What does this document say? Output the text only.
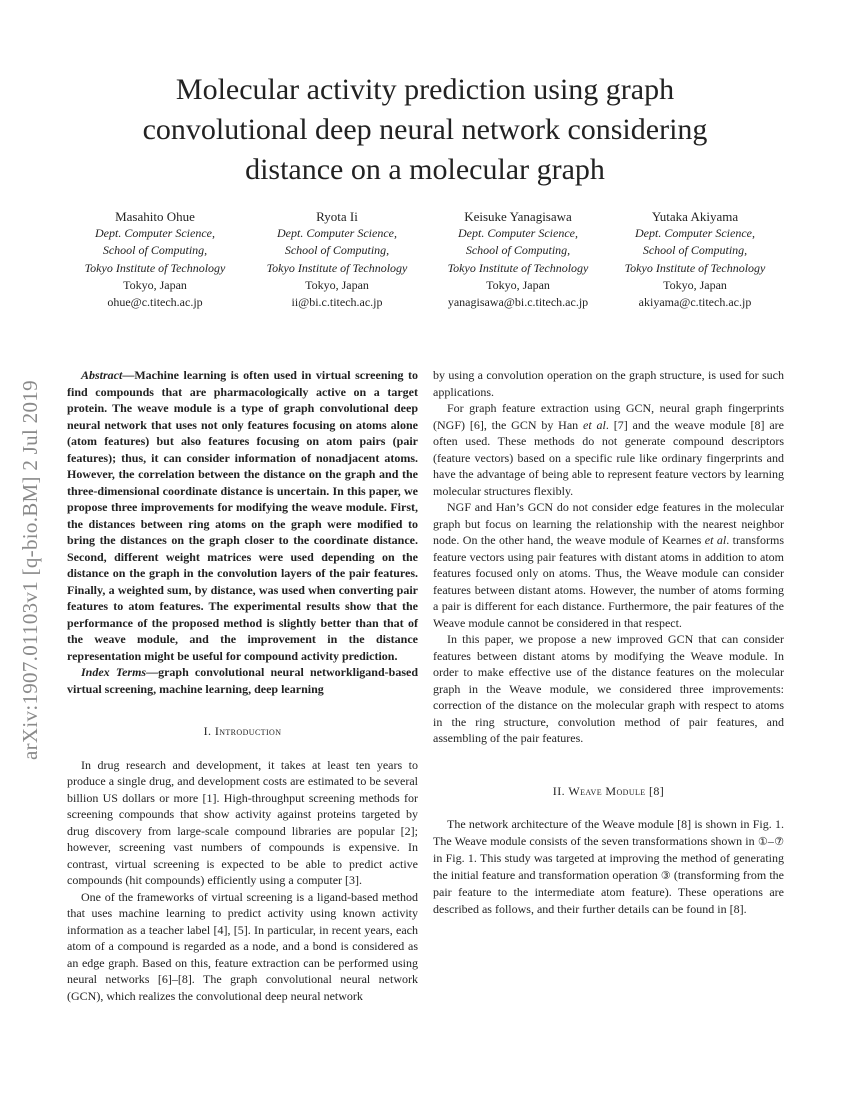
arXiv:1907.01103v1 [q-bio.BM] 2 Jul 2019
Molecular activity prediction using graph
convolutional deep neural network considering
distance on a molecular graph
Masahito Ohue
Dept. Computer Science,
School of Computing,
Tokyo Institute of Technology
Tokyo, Japan
ohue@c.titech.ac.jp
Ryota Ii
Dept. Computer Science,
School of Computing,
Tokyo Institute of Technology
Tokyo, Japan
ii@bi.c.titech.ac.jp
Keisuke Yanagisawa
Dept. Computer Science,
School of Computing,
Tokyo Institute of Technology
Tokyo, Japan
yanagisawa@bi.c.titech.ac.jp
Yutaka Akiyama
Dept. Computer Science,
School of Computing,
Tokyo Institute of Technology
Tokyo, Japan
akiyama@c.titech.ac.jp

Abstract—Machine learning is often used in virtual screening to find compounds that are pharmacologically active on a target protein. The weave module is a type of graph convolutional deep neural network that uses not only features focusing on atoms alone (atom features) but also features focusing on atom pairs (pair features); thus, it can consider information of nonadjacent atoms. However, the correlation between the distance on the graph and the three-dimensional coordinate distance is uncertain. In this paper, we propose three improvements for modifying the weave module. First, the distances between ring atoms on the graph were modified to bring the distances on the graph closer to the coordinate distance. Second, different weight matrices were used depending on the distance on the graph in the convolution layers of the pair features. Finally, a weighted sum, by distance, was used when converting pair features to atom features. The experimental results show that the performance of the proposed method is slightly better than that of the weave module, and the improvement in the distance representation might be useful for compound activity prediction.

Index Terms—graph convolutional neural networkligand-based virtual screening, machine learning, deep learning

I. Introduction

In drug research and development, it takes at least ten years to produce a single drug, and development costs are estimated to be several billion US dollars or more [1]. High-throughput screening methods for screening compounds that show activity against proteins targeted by drug discovery from large-scale compound libraries are popular [2]; however, screening vast numbers of compounds is expensive. In contrast, virtual screening is expected to be able to predict active compounds (hit compounds) efficiently using a computer [3].

One of the frameworks of virtual screening is a ligand-based method that uses machine learning to predict activity using known activity information as a teacher label [4], [5]. In particular, in recent years, each atom of a compound is regarded as a node, and a bond is considered as an edge graph. Based on this, feature extraction can be performed using neural networks [6]–[8]. The graph convolutional neural network (GCN), which realizes the convolutional deep neural network

by using a convolution operation on the graph structure, is used for such applications.

For graph feature extraction using GCN, neural graph fingerprints (NGF) [6], the GCN by Han et al. [7] and the weave module [8] are often used. These methods do not generate compound descriptors (feature vectors) based on a specific rule like ordinary fingerprints and have the advantage of being able to represent feature vectors by learning molecular structures flexibly.

NGF and Han’s GCN do not consider edge features in the molecular graph but focus on learning the relationship with the nearest neighbor node. On the other hand, the weave module of Kearnes et al. transforms feature vectors using pair features with distant atoms in addition to atom features focused only on atoms. Thus, the Weave module can consider features between distant atoms. However, the number of atoms forming a pair is different for each distance. Furthermore, the pair features of the Weave module cannot be considered in that respect.

In this paper, we propose a new improved GCN that can consider features between distant atoms by modifying the Weave module. In order to make effective use of the distance features on the molecular graph in the Weave module, we considered three improvements: correction of the distance on the molecular graph with respect to atoms in the ring structure, convolution method of pair features, and assembling of the pair features.

II. Weave Module [8]

The network architecture of the Weave module [8] is shown in Fig. 1. The Weave module consists of the seven transformations shown in ①–⑦ in Fig. 1. This study was targeted at improving the method of generating the initial feature and transformation operation ③ (transforming from the pair feature to the intermediate atom feature). These operations are described as follows, and their further details can be found in [8].
